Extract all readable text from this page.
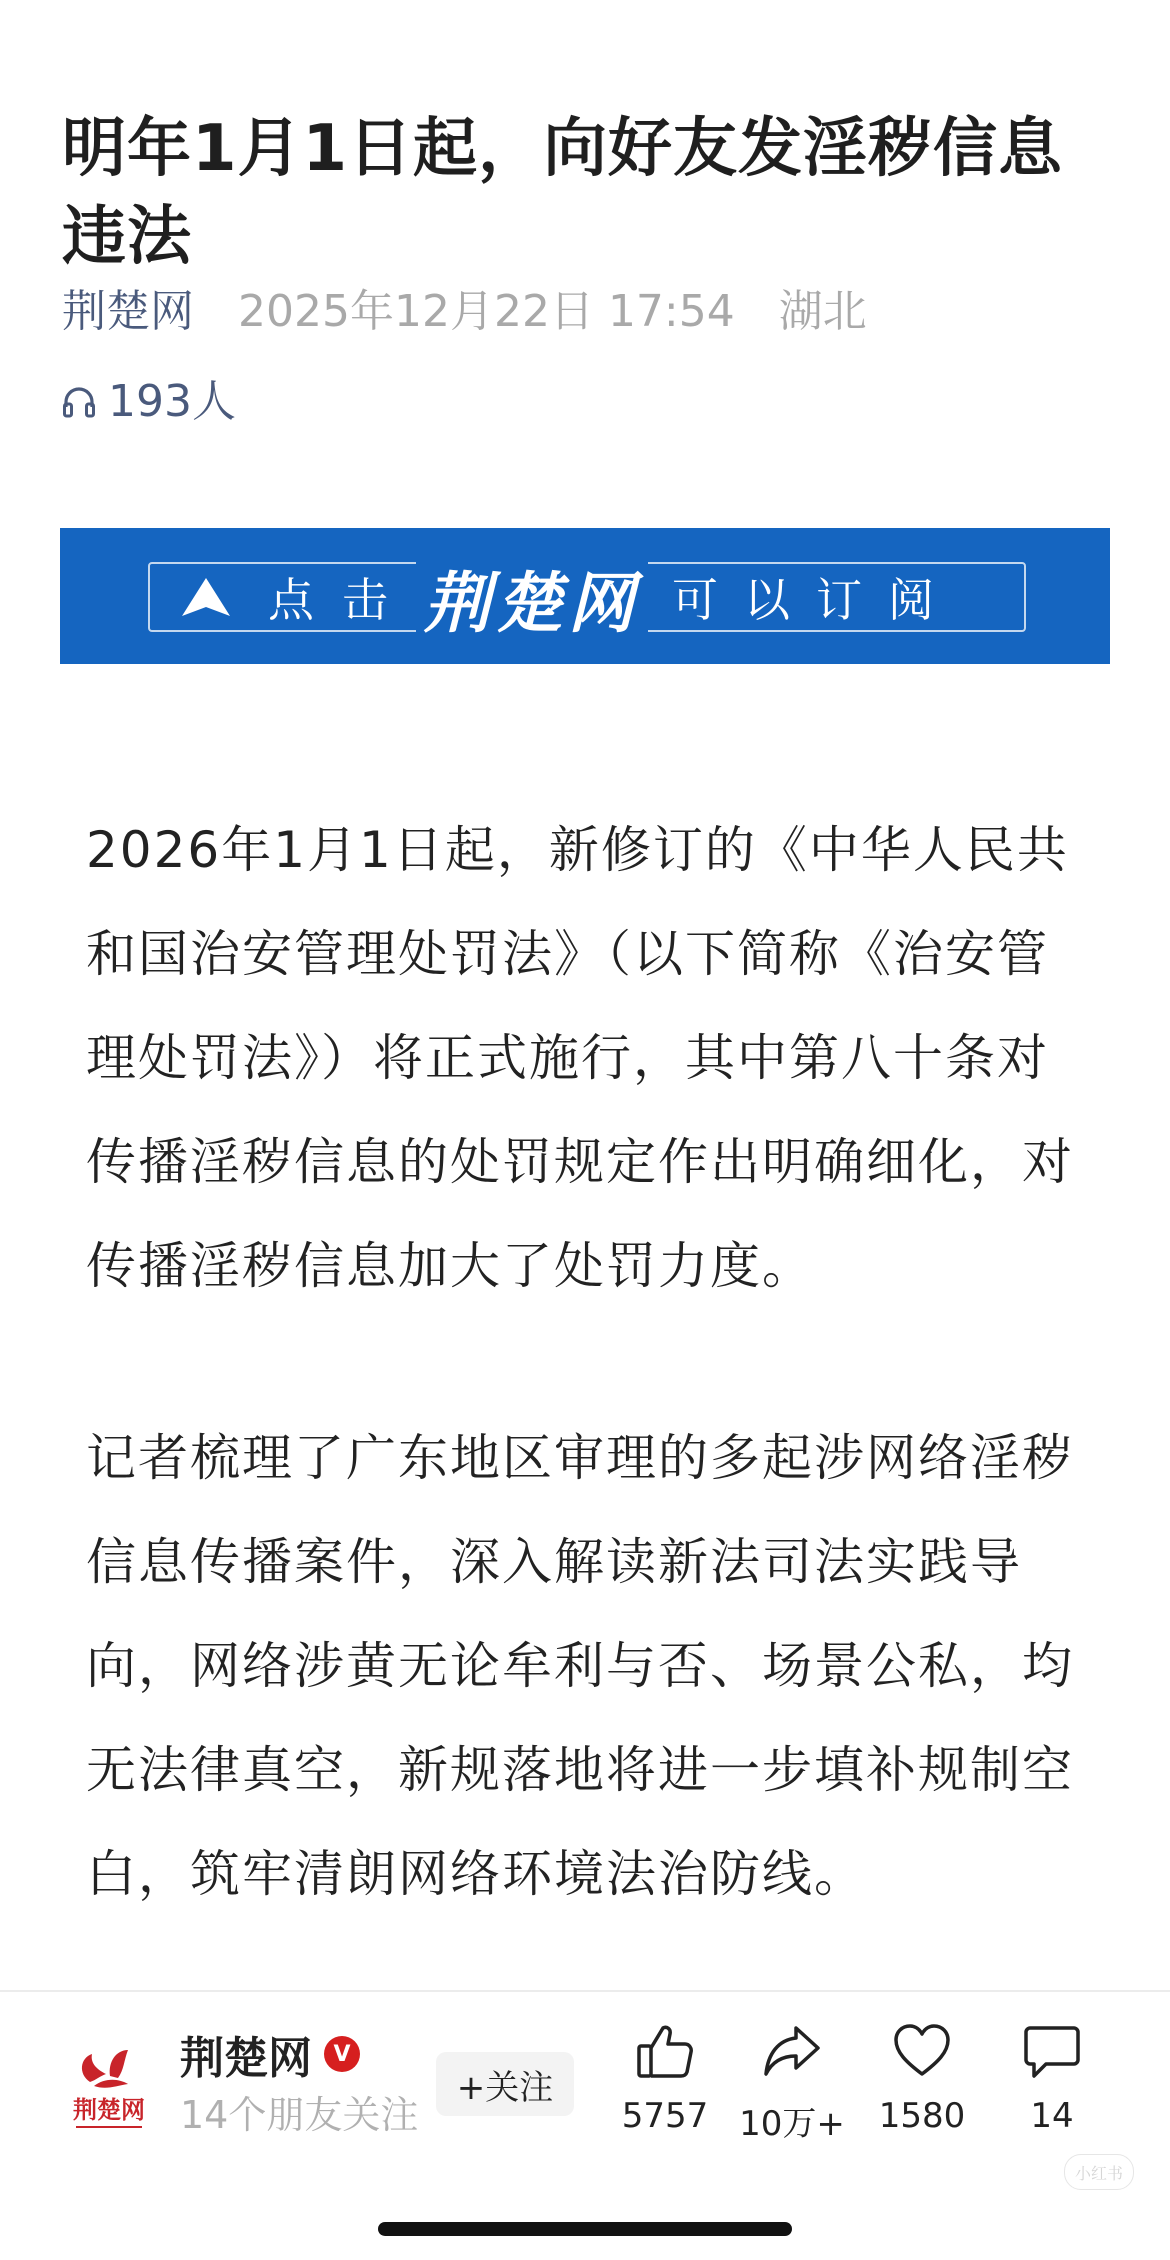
明年1月1日起，向好友发淫秽信息违法
荆楚网 2025年12月22日 17:54 湖北
193人
点击 荆楚网 可以订阅

2026年1月1日起，新修订的《中华人民共和国治安管理处罚法》（以下简称《治安管理处罚法》）将正式施行，其中第八十条对传播淫秽信息的处罚规定作出明确细化，对传播淫秽信息加大了处罚力度。

记者梳理了广东地区审理的多起涉网络淫秽信息传播案件，深入解读新法司法实践导向，网络涉黄无论牟利与否、场景公私，均无法律真空，新规落地将进一步填补规制空白，筑牢清朗网络环境法治防线。

荆楚网
荆楚网 V
14个朋友关注
+关注
5757 10万+ 1580	14
小红书
